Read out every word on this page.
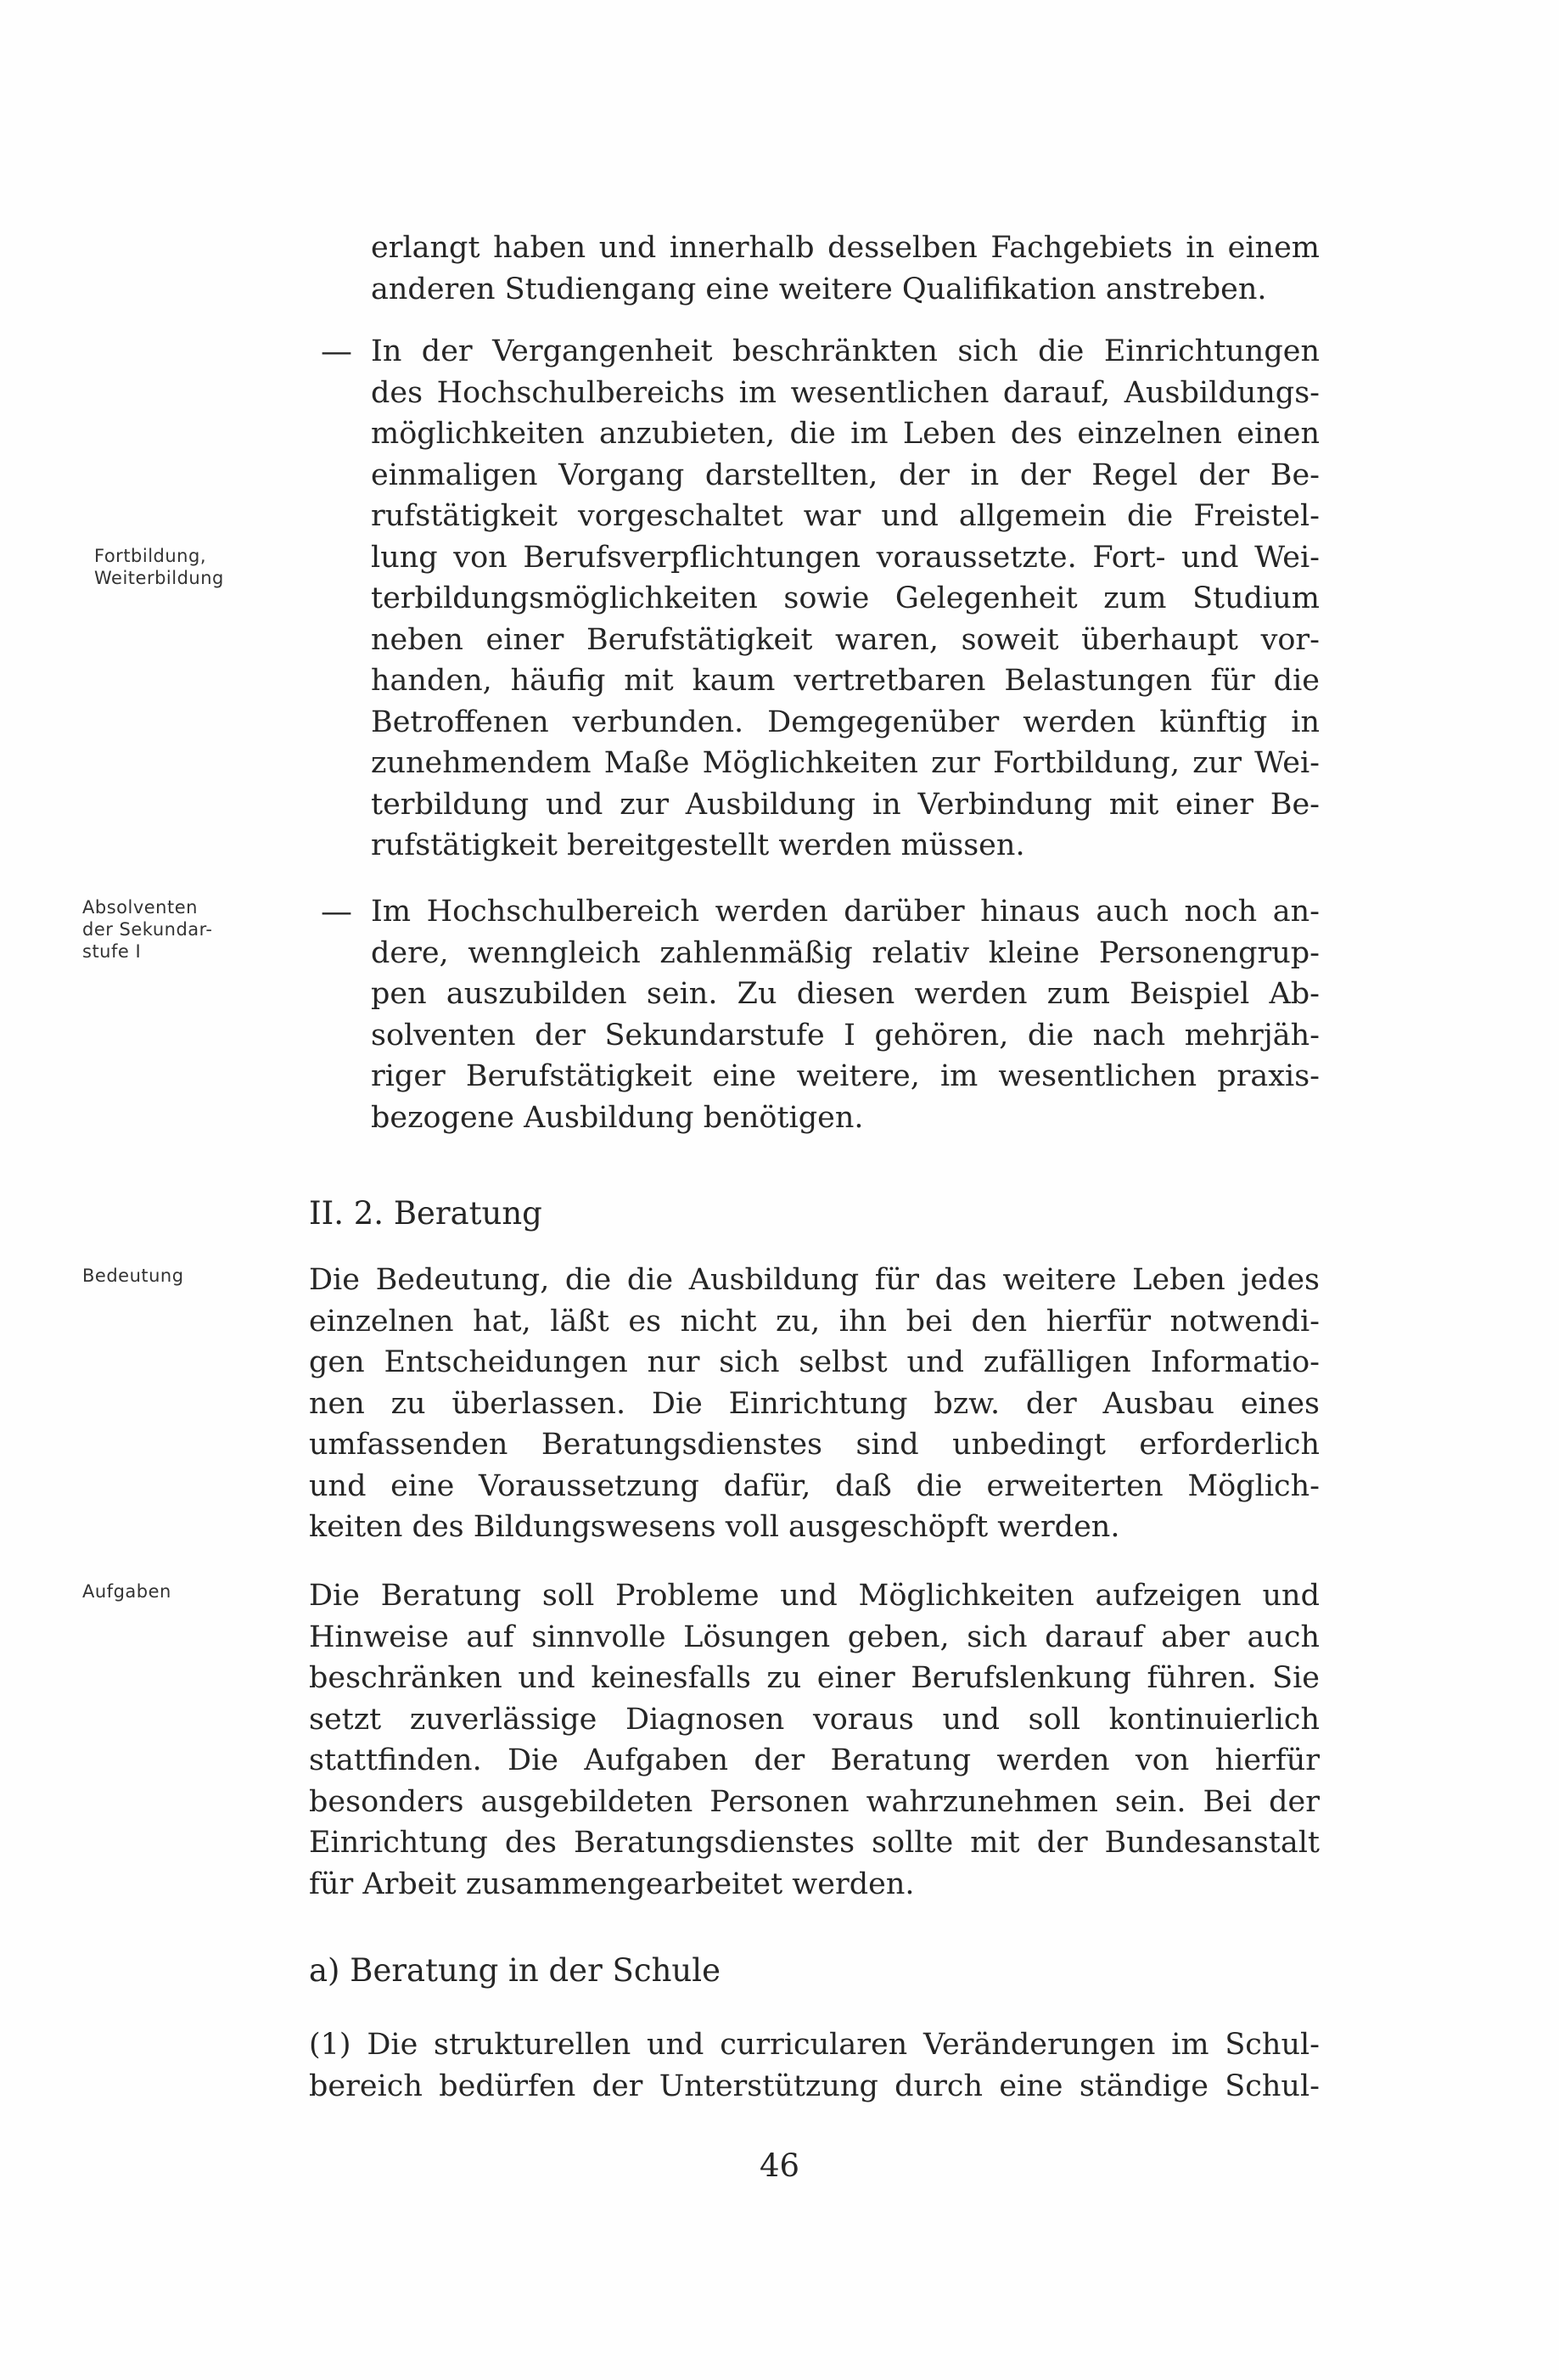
erlangt haben und innerhalb desselben Fachgebiets in einem
anderen Studiengang eine weitere Qualifikation anstreben.
— In der Vergangenheit beschränkten sich die Einrichtungen
des Hochschulbereichs im wesentlichen darauf, Ausbildungs-
möglichkeiten anzubieten, die im Leben des einzelnen einen
einmaligen Vorgang darstellten, der in der Regel der Be-
rufstätigkeit vorgeschaltet war und allgemein die Freistel-
lung von Berufsverpflichtungen voraussetzte. Fort- und Wei-
terbildungsmöglichkeiten sowie Gelegenheit zum Studium
neben einer Berufstätigkeit waren, soweit überhaupt vor-
handen, häufig mit kaum vertretbaren Belastungen für die
Betroffenen verbunden. Demgegenüber werden künftig in
zunehmendem Maße Möglichkeiten zur Fortbildung, zur Wei-
terbildung und zur Ausbildung in Verbindung mit einer Be-
rufstätigkeit bereitgestellt werden müssen.
Fortbildung,
Weiterbildung
— Im Hochschulbereich werden darüber hinaus auch noch an-
dere, wenngleich zahlenmäßig relativ kleine Personengrup-
pen auszubilden sein. Zu diesen werden zum Beispiel Ab-
solventen der Sekundarstufe I gehören, die nach mehrjäh-
riger Berufstätigkeit eine weitere, im wesentlichen praxis-
bezogene Ausbildung benötigen.
Absolventen
der Sekundar-
stufe I
II. 2. Beratung
Bedeutung	Die Bedeutung, die die Ausbildung für das weitere Leben jedes
einzelnen hat, läßt es nicht zu, ihn bei den hierfür notwendi-
gen Entscheidungen nur sich selbst und zufälligen Informatio-
nen zu überlassen. Die Einrichtung bzw. der Ausbau eines
umfassenden Beratungsdienstes sind unbedingt erforderlich
und eine Voraussetzung dafür, daß die erweiterten Möglich-
keiten des Bildungswesens voll ausgeschöpft werden.
Aufgaben	Die Beratung soll Probleme und Möglichkeiten aufzeigen und
Hinweise auf sinnvolle Lösungen geben, sich darauf aber auch
beschränken und keinesfalls zu einer Berufslenkung führen. Sie
setzt zuverlässige Diagnosen voraus und soll kontinuierlich
stattfinden. Die Aufgaben der Beratung werden von hierfür
besonders ausgebildeten Personen wahrzunehmen sein. Bei der
Einrichtung des Beratungsdienstes sollte mit der Bundesanstalt
für Arbeit zusammengearbeitet werden.
a) Beratung in der Schule
(1) Die strukturellen und curricularen Veränderungen im Schul-
bereich bedürfen der Unterstützung durch eine ständige Schul-
46
